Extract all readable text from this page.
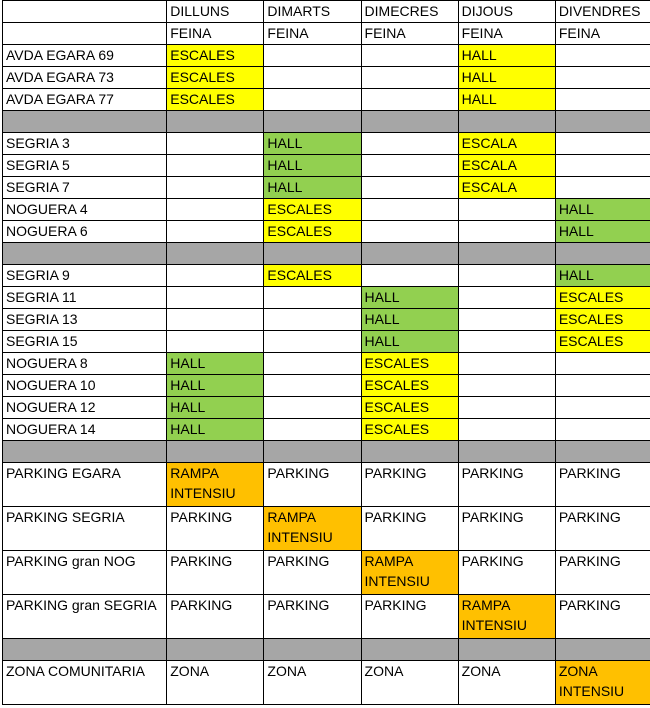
	DILLUNS	DIMARTS	DIMECRES	DIJOUS	DIVENDRES
	FEINA	FEINA	FEINA	FEINA	FEINA
AVDA EGARA 69	ESCALES			HALL	
AVDA EGARA 73	ESCALES			HALL	
AVDA EGARA 77	ESCALES			HALL	

SEGRIA 3		HALL		ESCALA	
SEGRIA 5		HALL		ESCALA	
SEGRIA 7		HALL		ESCALA	
NOGUERA 4		ESCALES			HALL
NOGUERA 6		ESCALES			HALL

SEGRIA 9		ESCALES			HALL
SEGRIA 11			HALL		ESCALES
SEGRIA 13			HALL		ESCALES
SEGRIA 15			HALL		ESCALES
NOGUERA 8	HALL		ESCALES		
NOGUERA 10	HALL		ESCALES		
NOGUERA 12	HALL		ESCALES		
NOGUERA 14	HALL		ESCALES		

PARKING EGARA	RAMPA INTENSIU	PARKING	PARKING	PARKING	PARKING
PARKING SEGRIA	PARKING	RAMPA INTENSIU	PARKING	PARKING	PARKING
PARKING gran NOG	PARKING	PARKING	RAMPA INTENSIU	PARKING	PARKING
PARKING gran SEGRIA	PARKING	PARKING	PARKING	RAMPA INTENSIU	PARKING

ZONA COMUNITARIA	ZONA	ZONA	ZONA	ZONA	ZONA INTENSIU
